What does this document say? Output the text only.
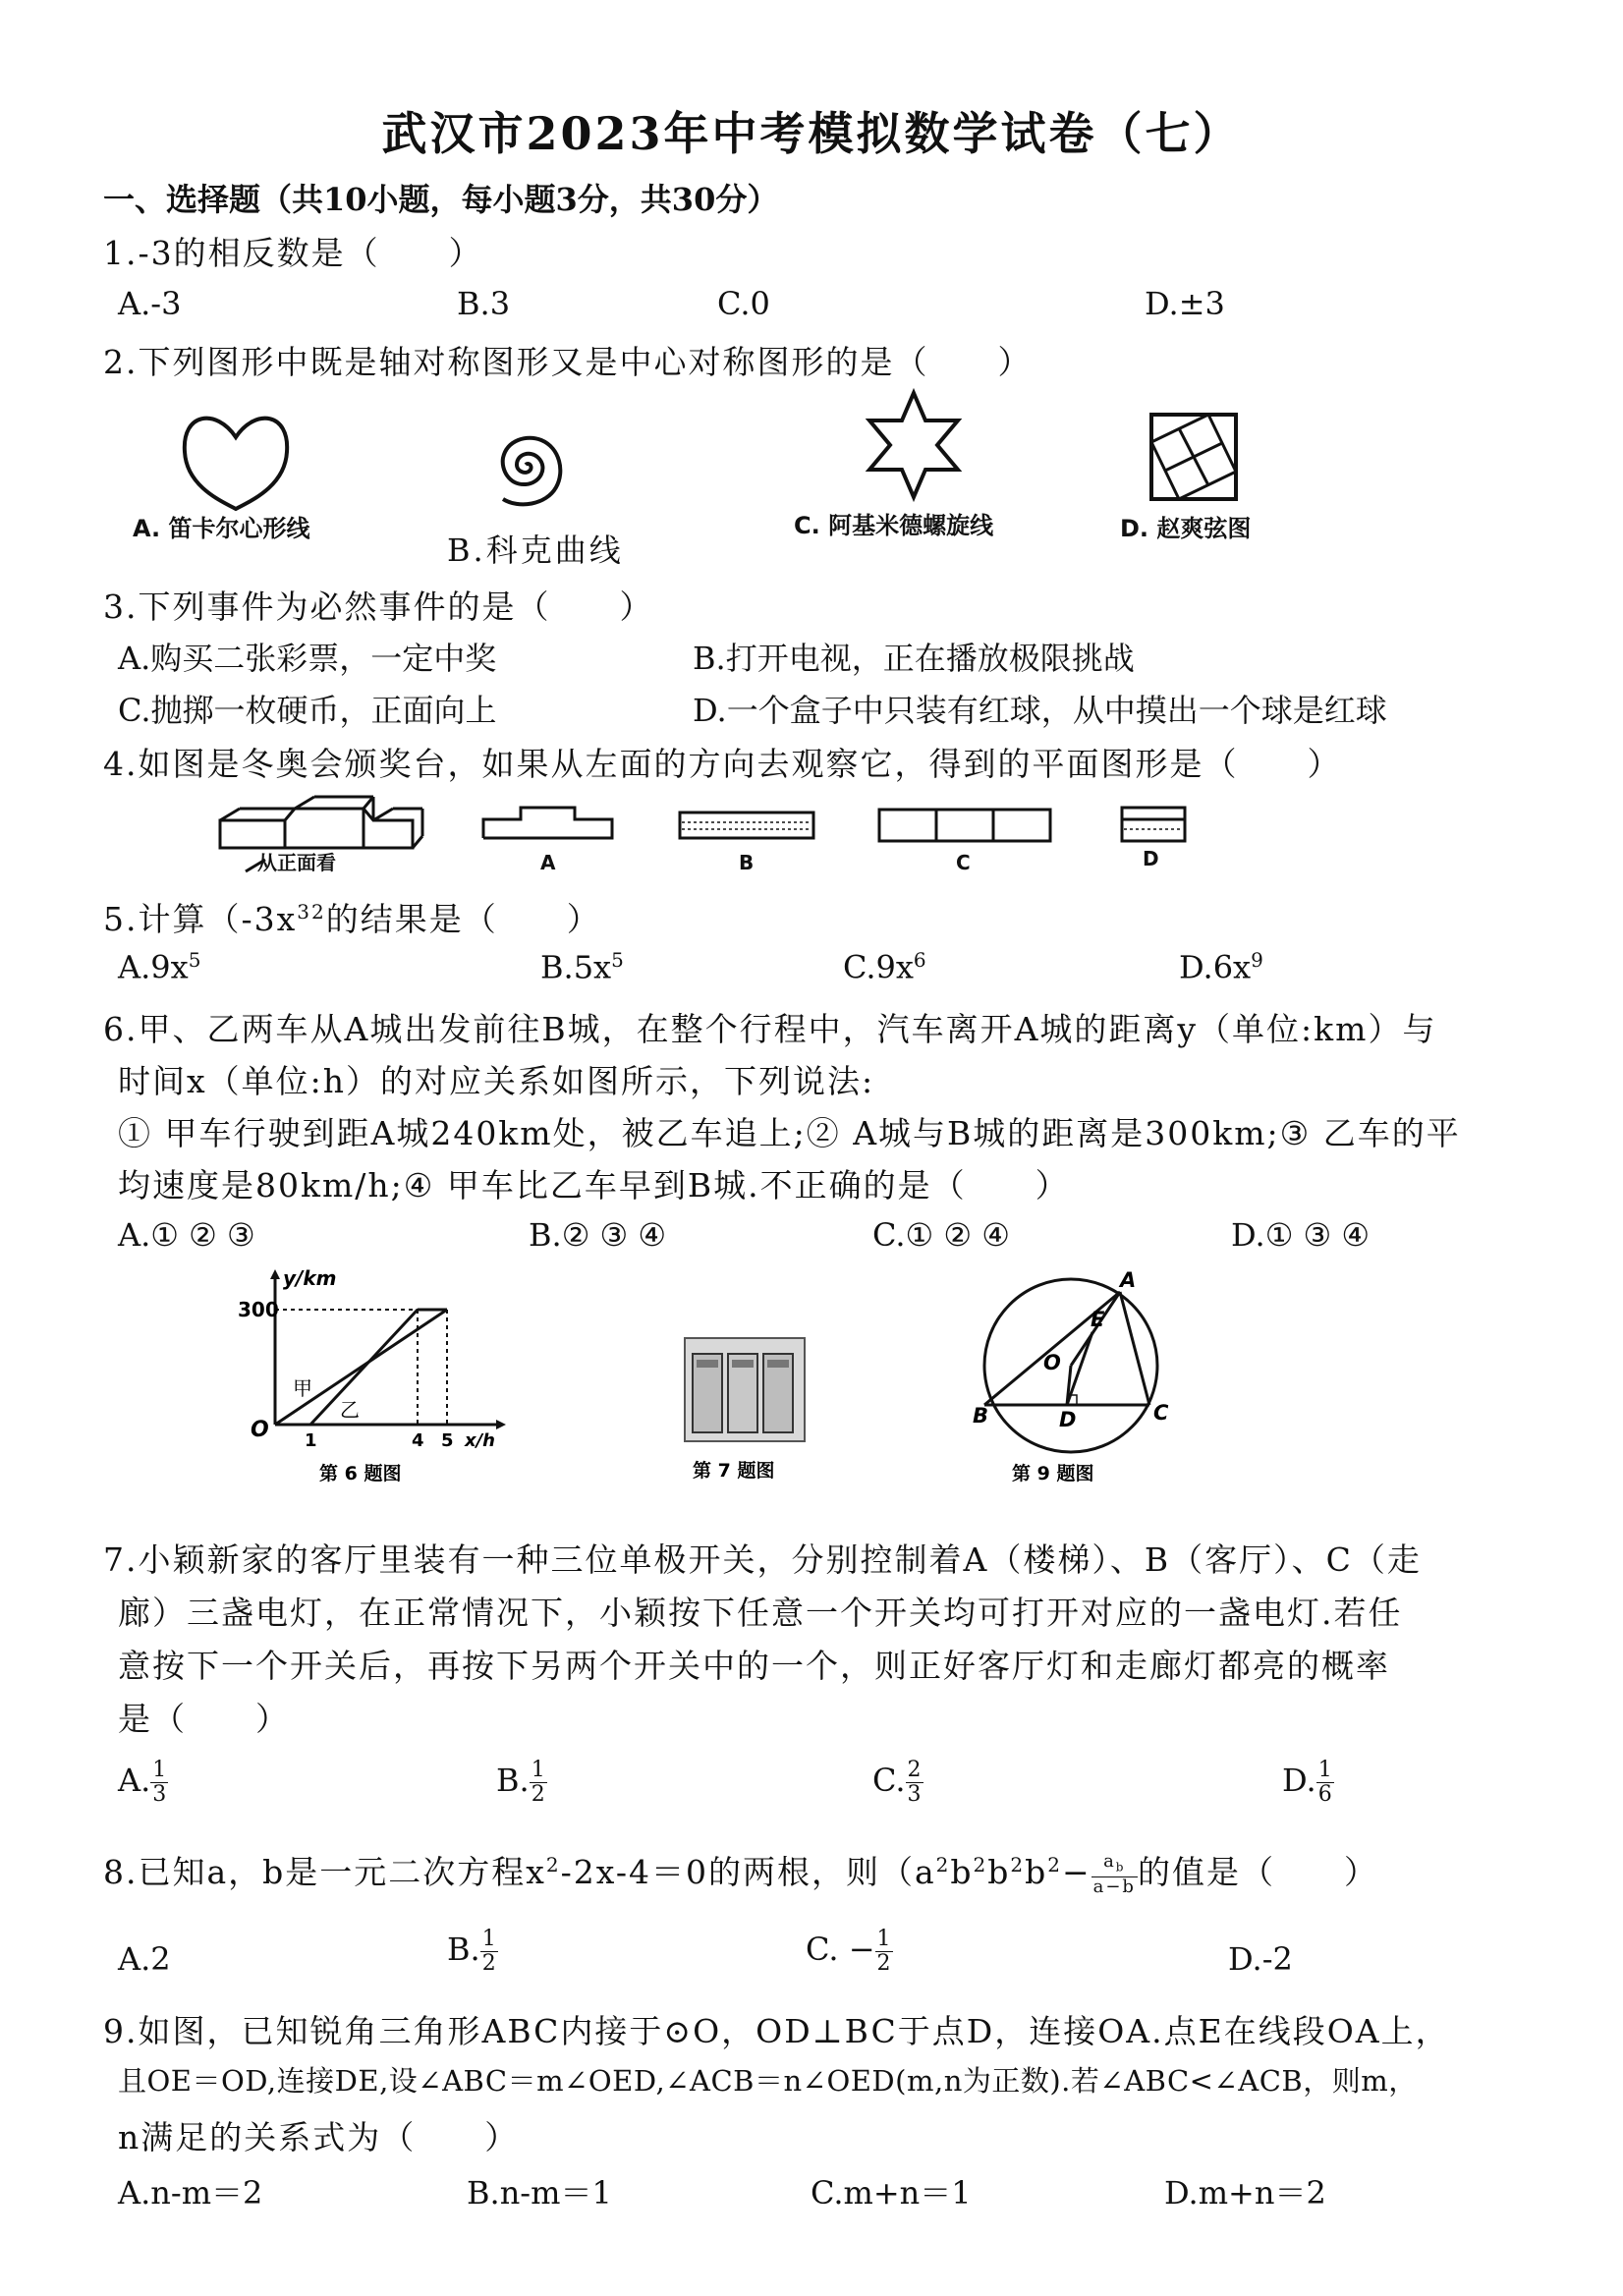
武汉市2023年中考模拟数学试卷（七）
一、选择题（共10小题，每小题3分，共30分）
1.-3的相反数是（　　）
A.-3	B.3	C.0	D.±3
2.下列图形中既是轴对称图形又是中心对称图形的是（　　）
A. 笛卡尔心形线
B.科克曲线
C. 阿基米德螺旋线	D. 赵爽弦图
3.下列事件为必然事件的是（　　）
A.购买二张彩票，一定中奖	B.打开电视，正在播放极限挑战
C.抛掷一枚硬币，正面向上	D.一个盒子中只装有红球，从中摸出一个球是红球
4.如图是冬奥会颁奖台，如果从左面的方向去观察它，得到的平面图形是（　　）
从正面看	A	B	C	D
5.计算（$-3x^{32}$的结果是（　　）
$A.9x^5$	$B.5x^5$	$C.9x^6$	$D.6x^9$
6.甲、乙两车从A城出发前往B城，在整个行程中，汽车离开A城的距离y（单位:km）与
时间x（单位:h）的对应关系如图所示，下列说法:
① 甲车行驶到距A城240km处，被乙车追上;② A城与B城的距离是300km;③ 乙车的平
均速度是80km/h;④ 甲车比乙车早到B城.不正确的是（　　）
A.① ② ③	B.② ③ ④	C.① ② ④	D.① ③ ④
y/km
300
O 1	4 5 x/h
甲
乙
第 6 题图	第 7 题图
A
B	C
D
E
O
第 9 题图
7.小颖新家的客厅里装有一种三位单极开关，分别控制着A（楼梯）、B（客厅）、C（走
廊）三盏电灯，在正常情况下，小颖按下任意一个开关均可打开对应的一盏电灯.若任
意按下一个开关后，再按下另两个开关中的一个，则正好客厅灯和走廊灯都亮的概率
是（　　）
A. $\frac{1}{3}$	B. $\frac{1}{2}$	C. $\frac{2}{3}$	D. $\frac{1}{6}$
8.已知a，b是一元二次方程$x^2-2x-4=0$的两根，则（$a^2b^2b^2b^2- \frac{a_b}{a-b}$ 的值是（　　）
A.2	B. $\frac{1}{2}$	C. − $\frac{1}{2}$	D.-2
9.如图，已知锐角三角形ABC内接于⊙O，OD⊥BC于点D，连接OA.点E在线段OA上，
且OE＝OD,连接DE,设∠ABC＝m∠OED,∠ACB＝n∠OED(m,n为正数).若∠ABC<∠ACB，则m，
n满足的关系式为（　　）
A.n-m＝2	B.n-m＝1	C.m+n＝1	D.m+n＝2
